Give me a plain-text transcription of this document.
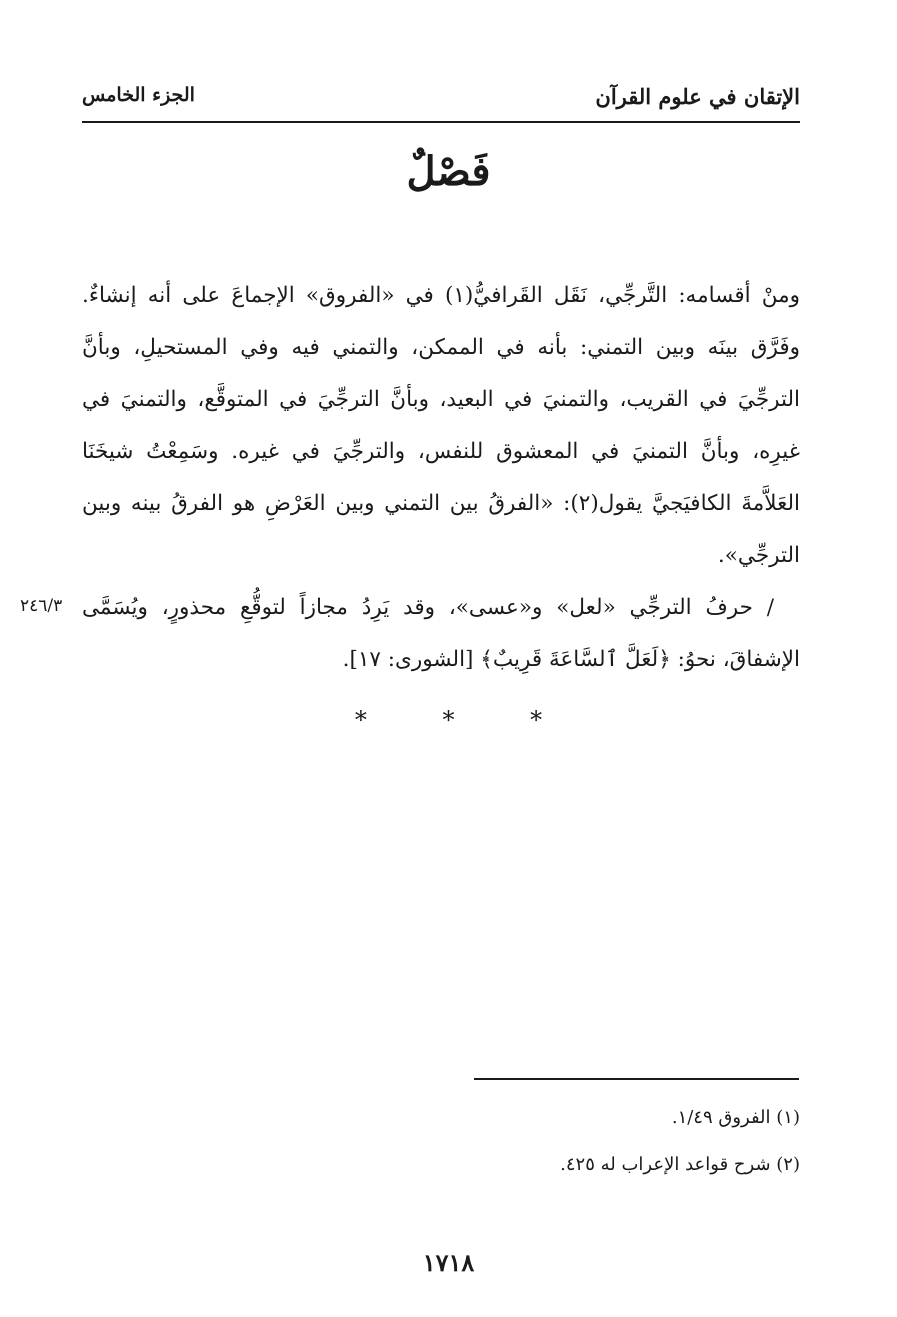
الإتقان في علوم القرآن
الجزء الخامس
فَصْلٌ

ومنْ أقسامه: التَّرجِّي، نَقَل القَرافيُّ(١) في «الفروق» الإجماعَ على أنه إنشاءٌ. وفَرَّق بينَه وبين التمني: بأنه في الممكن، والتمني فيه وفي المستحيلِ، وبأنَّ الترجِّيَ في القريب، والتمنيَ في البعيد، وبأنَّ الترجِّيَ في المتوقَّع، والتمنيَ في غيرِه، وبأنَّ التمنيَ في المعشوق للنفس، والترجِّيَ في غيره. وسَمِعْتُ شيخَنَا العَلاَّمةَ الكافيَجيَّ يقول(٢): «الفرقُ بين التمني وبين العَرْضِ هو الفرقُ بينه وبين الترجِّي».

/ حرفُ الترجِّي «لعل» و«عسى»، وقد يَرِدُ مجازاً لتوقُّعِ محذورٍ، ويُسَمَّى الإشفاقَ، نحوُ: ﴿لَعَلَّ ٱلسَّاعَةَ قَرِيبٌ﴾ [الشورى: ١٧].

٢٤٦/٣
* * *
(١) الفروق ١/٤٩.
(٢) شرح قواعد الإعراب له ٤٢٥.
١٧١٨
